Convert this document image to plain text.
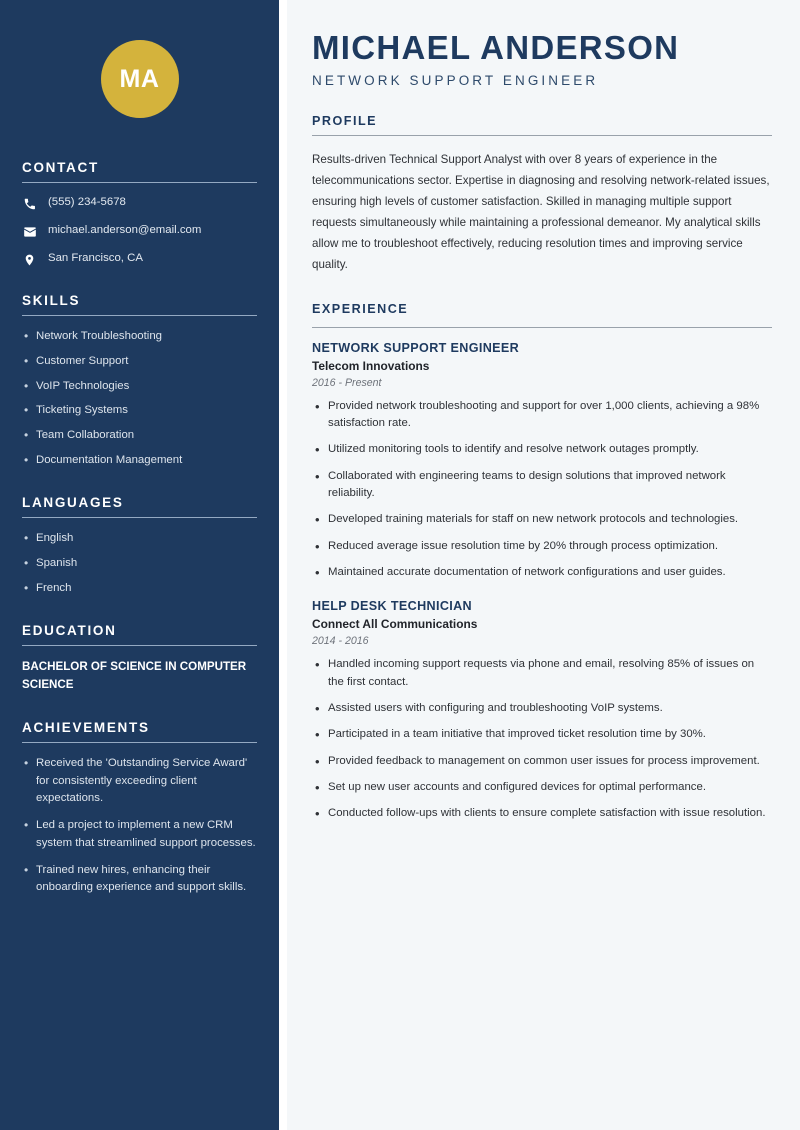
MA
CONTACT
(555) 234-5678
michael.anderson@email.com
San Francisco, CA
SKILLS
• Network Troubleshooting
• Customer Support
• VoIP Technologies
• Ticketing Systems
• Team Collaboration
• Documentation Management
LANGUAGES
• English
• Spanish
• French
EDUCATION
BACHELOR OF SCIENCE IN COMPUTER SCIENCE
ACHIEVEMENTS
• Received the 'Outstanding Service Award' for consistently exceeding client expectations.
• Led a project to implement a new CRM system that streamlined support processes.
• Trained new hires, enhancing their onboarding experience and support skills.
MICHAEL ANDERSON
NETWORK SUPPORT ENGINEER
PROFILE

Results-driven Technical Support Analyst with over 8 years of experience in the telecommunications sector. Expertise in diagnosing and resolving network-related issues, ensuring high levels of customer satisfaction. Skilled in managing multiple support requests simultaneously while maintaining a professional demeanor. My analytical skills allow me to troubleshoot effectively, reducing resolution times and improving service quality.

EXPERIENCE
NETWORK SUPPORT ENGINEER
Telecom Innovations
2016 - Present
• Provided network troubleshooting and support for over 1,000 clients, achieving a 98% satisfaction rate.
• Utilized monitoring tools to identify and resolve network outages promptly.
• Collaborated with engineering teams to design solutions that improved network reliability.
• Developed training materials for staff on new network protocols and technologies.
• Reduced average issue resolution time by 20% through process optimization.
• Maintained accurate documentation of network configurations and user guides.
HELP DESK TECHNICIAN
Connect All Communications
2014 - 2016
• Handled incoming support requests via phone and email, resolving 85% of issues on the first contact.
• Assisted users with configuring and troubleshooting VoIP systems.
• Participated in a team initiative that improved ticket resolution time by 30%.
• Provided feedback to management on common user issues for process improvement.
• Set up new user accounts and configured devices for optimal performance.
• Conducted follow-ups with clients to ensure complete satisfaction with issue resolution.
